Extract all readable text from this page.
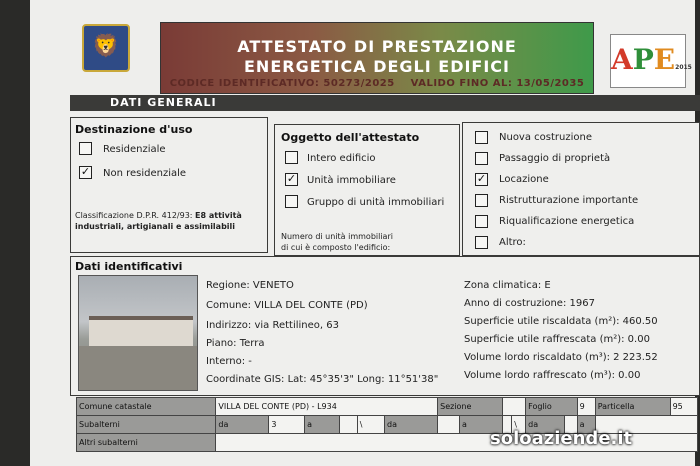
🦁	ATTESTATO DI PRESTAZIONE
ENERGETICA DEGLI EDIFICI
CODICE IDENTIFICATIVO: 50273/2025 VALIDO FINO AL: 13/05/2035
APE2015
DATI GENERALI
Destinazione d'uso
Residenziale
✓ Non residenziale
Classificazione D.P.R. 412/93: E8 attività
industriali, artigianali e assimilabili
Oggetto dell'attestato
Intero edificio
✓ Unità immobiliare
Gruppo di unità immobiliari
Numero di unità immobiliari
di cui è composto l'edificio:
Nuova costruzione
Passaggio di proprietà
✓ Locazione
Ristrutturazione importante
Riqualificazione energetica
Altro:
Dati identificativi
Regione: VENETO
Comune: VILLA DEL CONTE (PD)
Indirizzo: via Rettilineo, 63
Piano: Terra
Interno: -
Coordinate GIS: Lat: 45°35'3" Long: 11°51'38"
Zona climatica: E
Anno di costruzione: 1967
Superficie utile riscaldata (m²): 460.50
Superficie utile raffrescata (m²): 0.00
Volume lordo riscaldato (m³): 2 223.52
Volume lordo raffrescato (m³): 0.00
Comune catastale	VILLA DEL CONTE (PD) - L934						Sezione				Foglio		9	Particella	95
Subalterni	da	3	a		\	da		a		\	da		a		
Altri subalterni																soloaziende.it
